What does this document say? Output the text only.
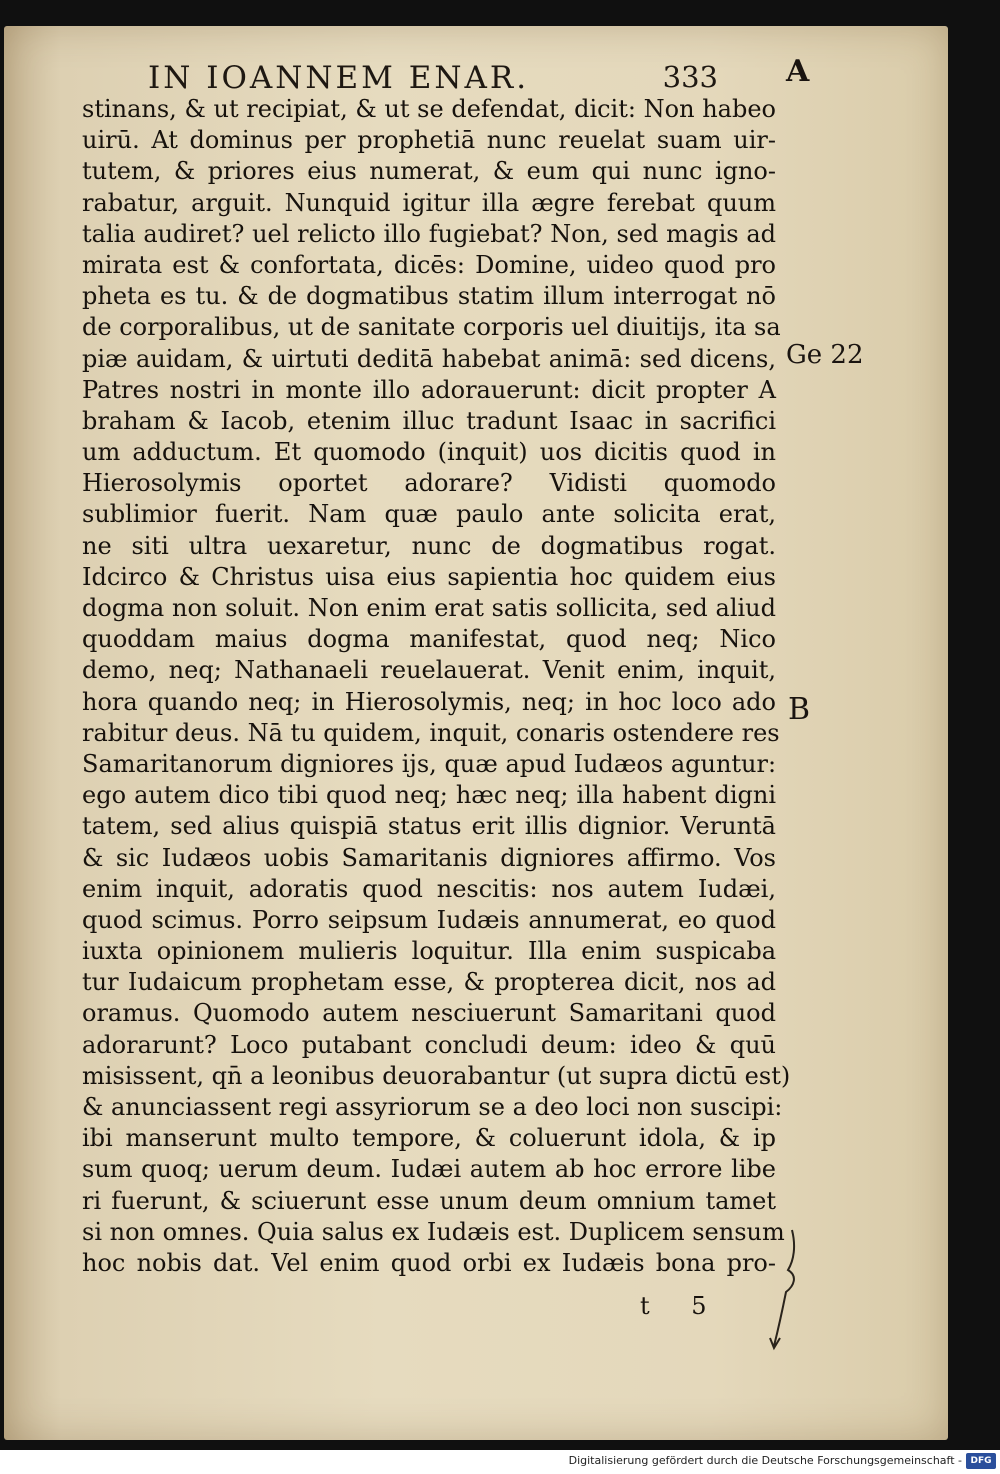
IN IOANNEM ENAR.	333 A
Ge 22
B
stinans, & ut recipiat, & ut se defendat, dicit: Non habeo
uirū. At dominus per prophetiā nunc reuelat suam uir-
tutem, & priores eius numerat, & eum qui nunc igno-
rabatur, arguit. Nunquid igitur illa ægre ferebat quum
talia audiret? uel relicto illo fugiebat? Non, sed magis ad
mirata est & confortata, dicēs: Domine, uideo quod pro
pheta es tu. & de dogmatibus statim illum interrogat nō
de corporalibus, ut de sanitate corporis uel diuitijs, ita sa
piæ auidam, & uirtuti deditā habebat animā: sed dicens,
Patres nostri in monte illo adorauerunt: dicit propter A
braham & Iacob, etenim illuc tradunt Isaac in sacrifici
um adductum. Et quomodo (inquit) uos dicitis quod in
Hierosolymis oportet adorare? Vidisti quomodo
sublimior fuerit. Nam quæ paulo ante solicita erat,
ne siti ultra uexaretur, nunc de dogmatibus rogat.
Idcirco & Christus uisa eius sapientia hoc quidem eius
dogma non soluit. Non enim erat satis sollicita, sed aliud
quoddam maius dogma manifestat, quod neq; Nico
demo, neq; Nathanaeli reuelauerat. Venit enim, inquit,
hora quando neq; in Hierosolymis, neq; in hoc loco ado
rabitur deus. Nā tu quidem, inquit, conaris ostendere res
Samaritanorum digniores ijs, quæ apud Iudæos aguntur:
ego autem dico tibi quod neq; hæc neq; illa habent digni
tatem, sed alius quispiā status erit illis dignior. Veruntā
& sic Iudæos uobis Samaritanis digniores affirmo. Vos
enim inquit, adoratis quod nescitis: nos autem Iudæi,
quod scimus. Porro seipsum Iudæis annumerat, eo quod
iuxta opinionem mulieris loquitur. Illa enim suspicaba
tur Iudaicum prophetam esse, & propterea dicit, nos ad
oramus. Quomodo autem nesciuerunt Samaritani quod
adorarunt? Loco putabant concludi deum: ideo & quū
misissent, qn̄ a leonibus deuorabantur (ut supra dictū est)
& anunciassent regi assyriorum se a deo loci non suscipi:
ibi manserunt multo tempore, & coluerunt idola, & ip
sum quoq; uerum deum. Iudæi autem ab hoc errore libe
ri fuerunt, & sciuerunt esse unum deum omnium tamet
si non omnes. Quia salus ex Iudæis est. Duplicem sensum
hoc nobis dat. Vel enim quod orbi ex Iudæis bona pro-
t 5
Digitalisierung gefördert durch die Deutsche Forschungsgemeinschaft - DFG
